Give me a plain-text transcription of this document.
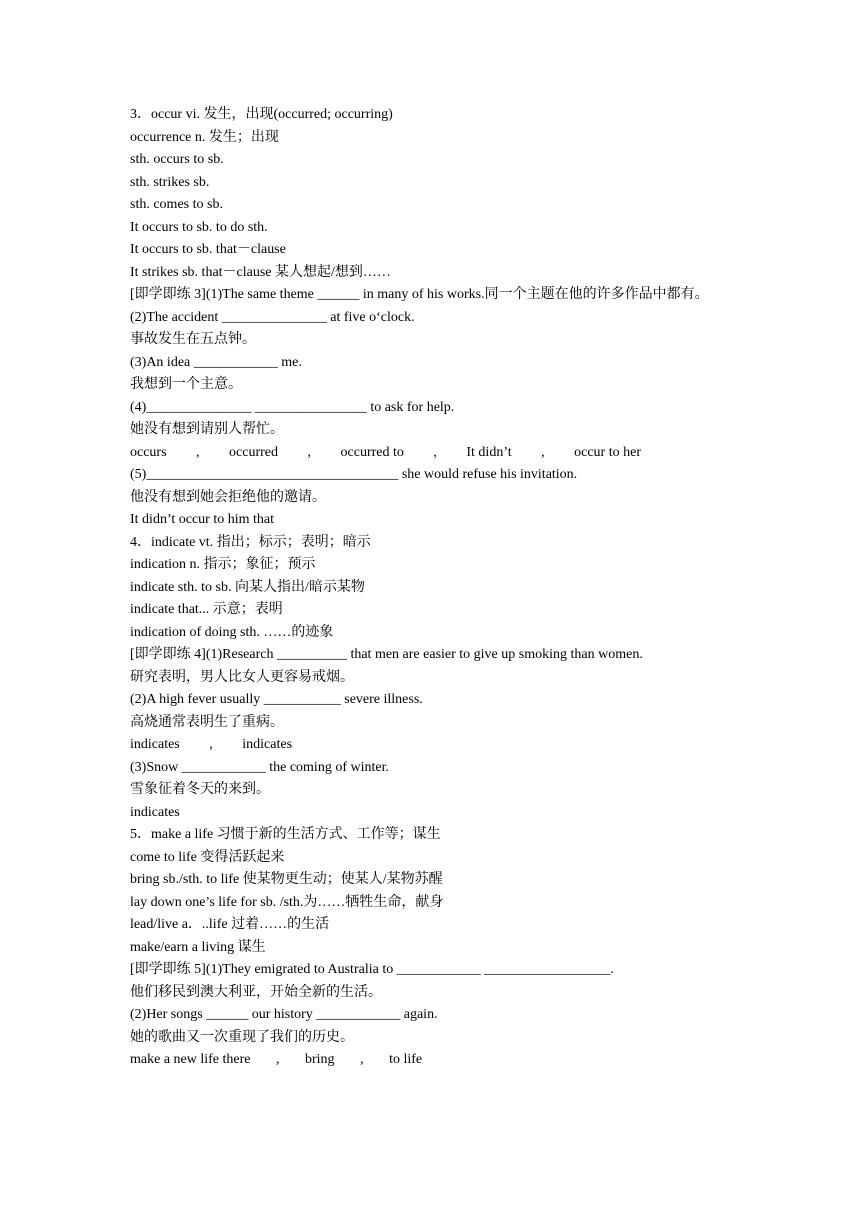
3．occur vi. 发生，出现(occurred; occurring)
occurrence n. 发生；出现
sth. occurs to sb.
sth. strikes sb.
sth. comes to sb.
It occurs to sb. to do sth.
It occurs to sb. that－clause
It strikes sb. that－clause 某人想起/想到……
[即学即练 3](1)The same theme ______ in many of his works.同一个主题在他的许多作品中都有。
(2)The accident _______________ at five o‘clock.
事故发生在五点钟。
(3)An idea ____________ me.
我想到一个主意。
(4)_______________ ________________ to ask for help.
她没有想到请别人帮忙。
occurs , occurred , occurred to , It didn’t , occur to her
(5)____________________________________ she would refuse his invitation.
他没有想到她会拒绝他的邀请。
It didn’t occur to him that
4．indicate vt. 指出；标示；表明；暗示
indication n. 指示；象征；预示
indicate sth. to sb. 向某人指出/暗示某物
indicate that... 示意；表明
indication of doing sth. ……的迹象
[即学即练 4](1)Research __________ that men are easier to give up smoking than women.
研究表明，男人比女人更容易戒烟。
(2)A high fever usually ___________ severe illness.
高烧通常表明生了重病。
indicates , indicates
(3)Snow ____________ the coming of winter.
雪象征着冬天的来到。
indicates
5．make a life 习惯于新的生活方式、工作等；谋生
come to life 变得活跃起来
bring sb./sth. to life 使某物更生动；使某人/某物苏醒
lay down one’s life for sb. /sth.为……牺牲生命，献身
lead/live a．..life 过着……的生活
make/earn a living 谋生
[即学即练 5](1)They emigrated to Australia to ____________ __________________.
他们移民到澳大利亚，开始全新的生活。
(2)Her songs ______ our history ____________ again.
她的歌曲又一次重现了我们的历史。
make a new life there , bring , to life
